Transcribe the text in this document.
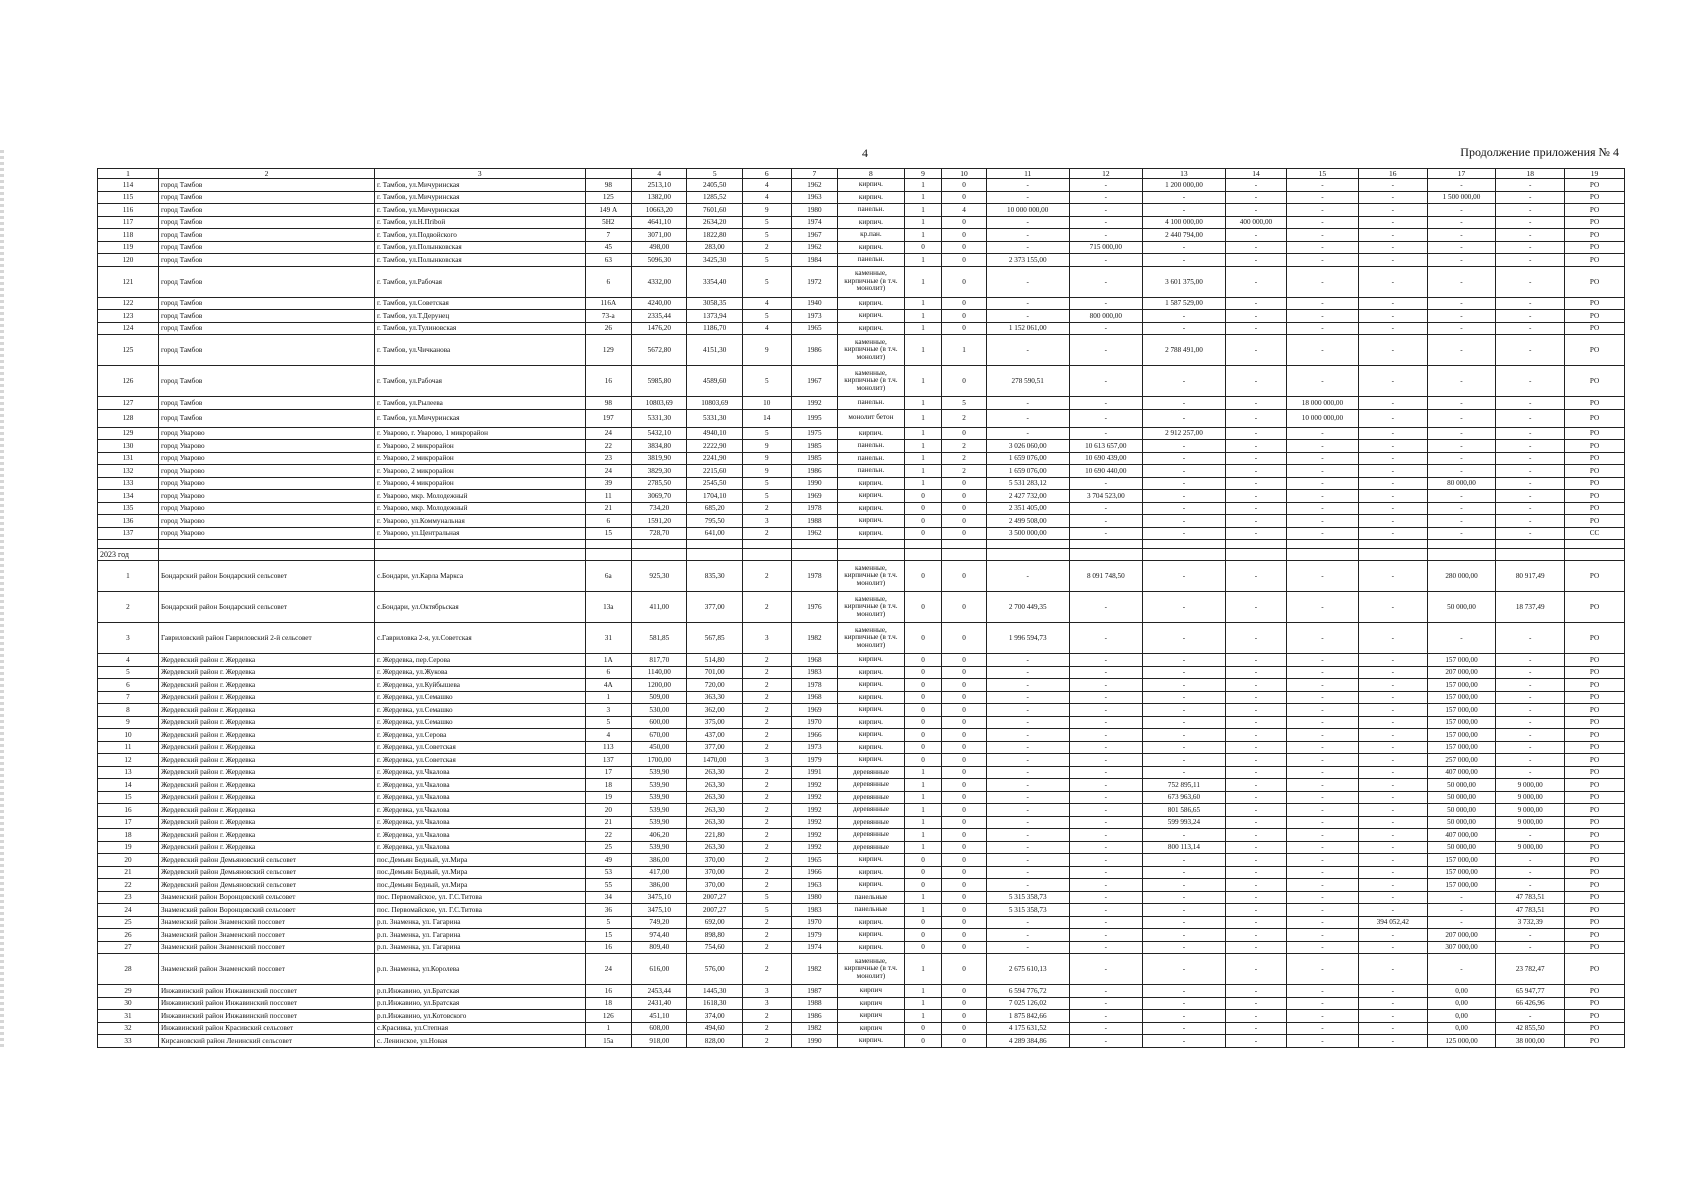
4	Продолжение приложения № 4
1	2	3		4	5	6	7	8	9	10	11	12	13	14	15	16	17	18	19
114	город Тамбов	г. Тамбов, ул.Мичуринская	98	2513,10	2405,50	4	1962	кирпич.	1	0	-	-	1 200 000,00	-	-	-	-	-	РО
115	город Тамбов	г. Тамбов, ул.Мичуринская	125	1382,00	1285,52	4	1963	кирпич.	1	0	-	-	-	-	-	-	1 500 000,00	-	РО
116	город Тамбов	г. Тамбов, ул.Мичуринская	149 А	10663,20	7601,60	9	1980	панельн.	1	4	10 000 000,00	-	-	-	-	-	-	-	РО
117	город Тамбов	г. Тамбов, ул.Н.Пribой	5Н2	4641,10	2634,20	5	1974	кирпич.	1	0	-	-	4 100 000,00	400 000,00	-	-	-	-	РО
118	город Тамбов	г. Тамбов, ул.Подвойского	7	3071,00	1822,80	5	1967	кр.пан.	1	0	-	-	2 440 794,00	-	-	-	-	-	РО
119	город Тамбов	г. Тамбов, ул.Полынковская	45	498,00	283,00	2	1962	кирпич.	0	0	-	715 000,00	-	-	-	-	-	-	РО
120	город Тамбов	г. Тамбов, ул.Полынковская	63	5096,30	3425,30	5	1984	панельн.	1	0	2 373 155,00	-	-	-	-	-	-	-	РО
121	город Тамбов	г. Тамбов, ул.Рабочая	6	4332,00	3354,40	5	1972	каменные, кирпичные (в т.ч. монолит)	1	0	-	-	3 601 375,00	-	-	-	-	-	РО
122	город Тамбов	г. Тамбов, ул.Советская	116А	4240,00	3058,35	4	1940	кирпич.	1	0	-	-	1 587 529,00	-	-	-	-	-	РО
123	город Тамбов	г. Тамбов, ул.Т.Дерунец	73-а	2335,44	1373,94	5	1973	кирпич.	1	0	-	800 000,00	-	-	-	-	-	-	РО
124	город Тамбов	г. Тамбов, ул.Тулиновская	26	1476,20	1186,70	4	1965	кирпич.	1	0	1 152 061,00	-	-	-	-	-	-	-	РО
125	город Тамбов	г. Тамбов, ул.Чичканова	129	5672,80	4151,30	9	1986	каменные, кирпичные (в т.ч. монолит)	1	1	-	-	2 788 491,00	-	-	-	-	-	РО
126	город Тамбов	г. Тамбов, ул.Рабочая	16	5985,80	4589,60	5	1967	каменные, кирпичные (в т.ч. монолит)	1	0	278 590,51	-	-	-	-	-	-	-	РО
127	город Тамбов	г. Тамбов, ул.Рылеева	98	10803,69	10803,69	10	1992	панельн.	1	5	-	-	-	-	18 000 000,00	-	-	-	РО
128	город Тамбов	г. Тамбов, ул.Мичуринская	197	5331,30	5331,30	14	1995	монолит бетон	1	2	-	-	-	-	10 000 000,00	-	-	-	РО
129	город Уварово	г. Уварово, г. Уварово, 1 микрорайон	24	5432,10	4940,10	5	1975	кирпич.	1	0	-	-	2 912 257,00	-	-	-	-	-	РО
130	город Уварово	г. Уварово, 2 микрорайон	22	3834,80	2222,90	9	1985	панельн.	1	2	3 026 060,00	10 613 657,00	-	-	-	-	-	-	РО
131	город Уварово	г. Уварово, 2 микрорайон	23	3819,90	2241,90	9	1985	панельн.	1	2	1 659 076,00	10 690 439,00	-	-	-	-	-	-	РО
132	город Уварово	г. Уварово, 2 микрорайон	24	3829,30	2215,60	9	1986	панельн.	1	2	1 659 076,00	10 690 440,00	-	-	-	-	-	-	РО
133	город Уварово	г. Уварово, 4 микрорайон	39	2785,50	2545,50	5	1990	кирпич.	1	0	5 531 283,12	-	-	-	-	-	80 000,00	-	РО
134	город Уварово	г. Уварово, мкр. Молодежный	11	3069,70	1704,10	5	1969	кирпич.	0	0	2 427 732,00	3 704 523,00	-	-	-	-	-	-	РО
135	город Уварово	г. Уварово, мкр. Молодежный	21	734,20	685,20	2	1978	кирпич.	0	0	2 351 405,00	-	-	-	-	-	-	-	РО
136	город Уварово	г. Уварово, ул.Коммунальная	6	1591,20	795,50	3	1988	кирпич.	0	0	2 499 508,00	-	-	-	-	-	-	-	РО
137	город Уварово	г. Уварово, ул.Центральная	15	728,70	641,00	2	1962	кирпич.	0	0	3 500 000,00	-	-	-	-	-	-	-	СС

2023 год																			
1	Бондарский район Бондарский сельсовет	с.Бондари, ул.Карла Маркса	6а	925,30	835,30	2	1978	каменные, кирпичные (в т.ч. монолит)	0	0	-	8 091 748,50	-	-	-	-	280 000,00	80 917,49	РО
2	Бондарский район Бондарский сельсовет	с.Бондари, ул.Октябрьская	13а	411,00	377,00	2	1976	каменные, кирпичные (в т.ч. монолит)	0	0	2 700 449,35	-	-	-	-	-	50 000,00	18 737,49	РО
3	Гавриловский район Гавриловский 2-й сельсовет	с.Гавриловка 2-я, ул.Советская	31	581,85	567,85	3	1982	каменные, кирпичные (в т.ч. монолит)	0	0	1 996 594,73	-	-	-	-	-	-	-	РО
4	Жердевский район г. Жердевка	г. Жердевка, пер.Серова	1А	817,70	514,80	2	1968	кирпич.	0	0	-	-	-	-	-	-	157 000,00	-	РО
5	Жердевский район г. Жердевка	г. Жердевка, ул.Жукова	6	1140,00	701,00	2	1983	кирпич.	0	0	-	-	-	-	-	-	207 000,00	-	РО
6	Жердевский район г. Жердевка	г. Жердевка, ул.Куйбышева	4А	1200,00	720,00	2	1978	кирпич.	0	0	-	-	-	-	-	-	157 000,00	-	РО
7	Жердевский район г. Жердевка	г. Жердевка, ул.Семашко	1	509,00	363,30	2	1968	кирпич.	0	0	-	-	-	-	-	-	157 000,00	-	РО
8	Жердевский район г. Жердевка	г. Жердевка, ул.Семашко	3	530,00	362,00	2	1969	кирпич.	0	0	-	-	-	-	-	-	157 000,00	-	РО
9	Жердевский район г. Жердевка	г. Жердевка, ул.Семашко	5	600,00	375,00	2	1970	кирпич.	0	0	-	-	-	-	-	-	157 000,00	-	РО
10	Жердевский район г. Жердевка	г. Жердевка, ул.Серова	4	670,00	437,00	2	1966	кирпич.	0	0	-	-	-	-	-	-	157 000,00	-	РО
11	Жердевский район г. Жердевка	г. Жердевка, ул.Советская	113	450,00	377,00	2	1973	кирпич.	0	0	-	-	-	-	-	-	157 000,00	-	РО
12	Жердевский район г. Жердевка	г. Жердевка, ул.Советская	137	1700,00	1470,00	3	1979	кирпич.	0	0	-	-	-	-	-	-	257 000,00	-	РО
13	Жердевский район г. Жердевка	г. Жердевка, ул.Чкалова	17	539,90	263,30	2	1991	деревянные	1	0	-	-	-	-	-	-	407 000,00	-	РО
14	Жердевский район г. Жердевка	г. Жердевка, ул.Чкалова	18	539,90	263,30	2	1992	деревянные	1	0	-	-	752 895,11	-	-	-	50 000,00	9 000,00	РО
15	Жердевский район г. Жердевка	г. Жердевка, ул.Чкалова	19	539,90	263,30	2	1992	деревянные	1	0	-	-	673 963,60	-	-	-	50 000,00	9 000,00	РО
16	Жердевский район г. Жердевка	г. Жердевка, ул.Чкалова	20	539,90	263,30	2	1992	деревянные	1	0	-	-	801 586,65	-	-	-	50 000,00	9 000,00	РО
17	Жердевский район г. Жердевка	г. Жердевка, ул.Чкалова	21	539,90	263,30	2	1992	деревянные	1	0	-	-	599 993,24	-	-	-	50 000,00	9 000,00	РО
18	Жердевский район г. Жердевка	г. Жердевка, ул.Чкалова	22	406,20	221,80	2	1992	деревянные	1	0	-	-	-	-	-	-	407 000,00	-	РО
19	Жердевский район г. Жердевка	г. Жердевка, ул.Чкалова	25	539,90	263,30	2	1992	деревянные	1	0	-	-	800 113,14	-	-	-	50 000,00	9 000,00	РО
20	Жердевский район Демьяновский сельсовет	пос.Демьян Бедный, ул.Мира	49	386,00	370,00	2	1965	кирпич.	0	0	-	-	-	-	-	-	157 000,00	-	РО
21	Жердевский район Демьяновский сельсовет	пос.Демьян Бедный, ул.Мира	53	417,00	370,00	2	1966	кирпич.	0	0	-	-	-	-	-	-	157 000,00	-	РО
22	Жердевский район Демьяновский сельсовет	пос.Демьян Бедный, ул.Мира	55	386,00	370,00	2	1963	кирпич.	0	0	-	-	-	-	-	-	157 000,00	-	РО
23	Знаменский район Воронцовский сельсовет	пос. Первомайское, ул. Г.С.Титова	34	3475,10	2007,27	5	1980	панельные	1	0	5 315 358,73	-	-	-	-	-	-	47 783,51	РО
24	Знаменский район Воронцовский сельсовет	пос. Первомайское, ул. Г.С.Титова	36	3475,10	2007,27	5	1983	панельные	1	0	5 315 358,73	-	-	-	-	-	-	47 783,51	РО
25	Знаменский район Знаменский поссовет	р.п. Знаменка, ул. Гагарина	5	749,20	692,00	2	1970	кирпич.	0	0	-	-	-	-	-	394 052,42	-	3 732,39	РО
26	Знаменский район Знаменский поссовет	р.п. Знаменка, ул. Гагарина	15	974,40	898,80	2	1979	кирпич.	0	0	-	-	-	-	-	-	207 000,00	-	РО
27	Знаменский район Знаменский поссовет	р.п. Знаменка, ул. Гагарина	16	809,40	754,60	2	1974	кирпич.	0	0	-	-	-	-	-	-	307 000,00	-	РО
28	Знаменский район Знаменский поссовет	р.п. Знаменка, ул.Королева	24	616,00	576,00	2	1982	каменные, кирпичные (в т.ч. монолит)	1	0	2 675 610,13	-	-	-	-	-	-	23 782,47	РО
29	Инжавинский район Инжавинский поссовет	р.п.Инжавино, ул.Братская	16	2453,44	1445,30	3	1987	кирпич	1	0	6 594 776,72	-	-	-	-	-	0,00	65 947,77	РО
30	Инжавинский район Инжавинский поссовет	р.п.Инжавино, ул.Братская	18	2431,40	1618,30	3	1988	кирпич	1	0	7 025 126,02	-	-	-	-	-	0,00	66 426,96	РО
31	Инжавинский район Инжавинский поссовет	р.п.Инжавино, ул.Котовского	126	451,10	374,00	2	1986	кирпич	1	0	1 875 842,66	-	-	-	-	-	0,00	-	РО
32	Инжавинский район Красивский сельсовет	с.Красивка, ул.Степная	1	608,00	494,60	2	1982	кирпич	0	0	4 175 631,52	-	-	-	-	-	0,00	42 855,50	РО
33	Кирсановский район Ленинский сельсовет	с. Ленинское, ул.Новая	15а	918,00	828,00	2	1990	кирпич.	0	0	4 289 384,86	-	-	-	-	-	125 000,00	38 000,00	РО
